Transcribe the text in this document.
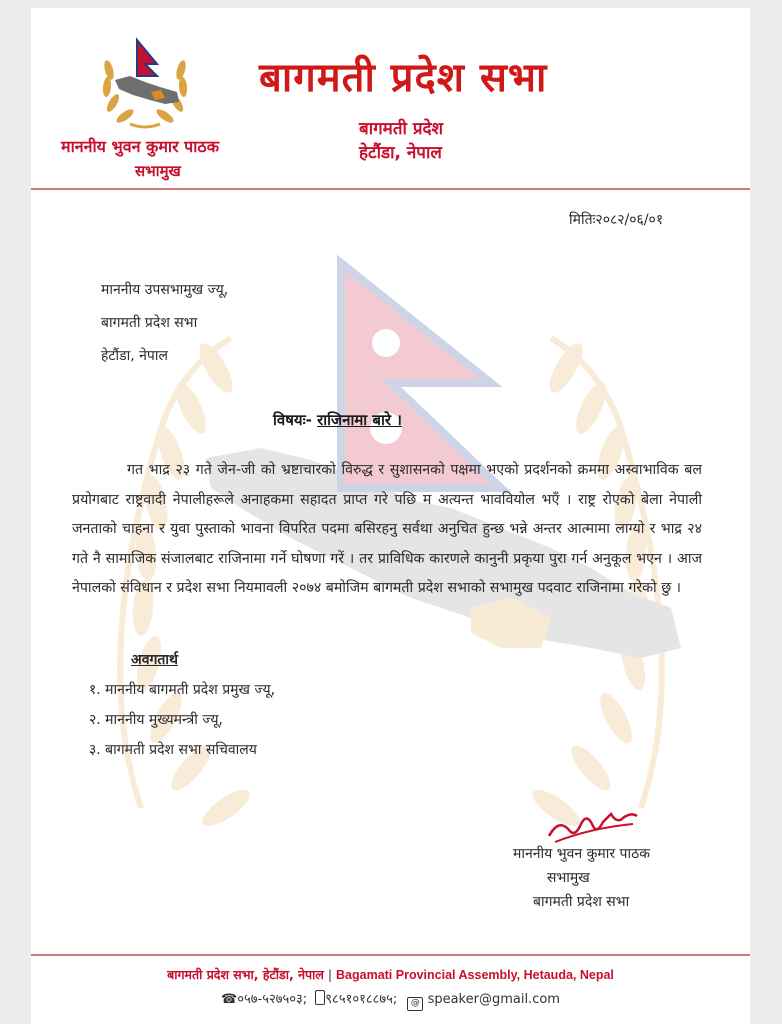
बागमती प्रदेश सभा
बागमती प्रदेश
हेटौंडा, नेपाल
माननीय भुवन कुमार पाठक
सभामुख
मितिः२०८२/०६/०१
माननीय उपसभामुख ज्यू,
बागमती प्रदेश सभा
हेटौंडा, नेपाल
विषयः- राजिनामा बारे ।
गत भाद्र २३ गते जेन-जी को भ्रष्टाचारको विरुद्ध र सुशासनको पक्षमा भएको प्रदर्शनको क्रममा अस्वाभाविक बल प्रयोगबाट राष्ट्रवादी नेपालीहरूले अनाहकमा सहादत प्राप्त गरे पछि म अत्यन्त भाववियोल भएँ । राष्ट्र रोएको बेला नेपाली जनताको चाहना र युवा पुस्ताको भावना विपरित पदमा बसिरहनु सर्वथा अनुचित हुन्छ भन्ने अन्तर आत्मामा लाग्यो र भाद्र २४ गते नै सामाजिक संजालबाट राजिनामा गर्ने घोषणा गरें । तर प्राविधिक कारणले कानुनी प्रकृया पुरा गर्न अनुकूल भएन । आज नेपालको संविधान र प्रदेश सभा नियमावली २०७४ बमोजिम बागमती प्रदेश सभाको सभामुख पदवाट राजिनामा गरेको छु ।
अवगतार्थ
१. माननीय बागमती प्रदेश प्रमुख ज्यू,
२. माननीय मुख्यमन्त्री ज्यू,
३. बागमती प्रदेश सभा सचिवालय
माननीय भुवन कुमार पाठक
सभामुख
बागमती प्रदेश सभा
बागमती प्रदेश सभा, हेटौंडा, नेपाल | Bagamati Provincial Assembly, Hetauda, Nepal
☎०५७-५२७५०३; ९८५१०१८८७५; @ speaker@gmail.com
